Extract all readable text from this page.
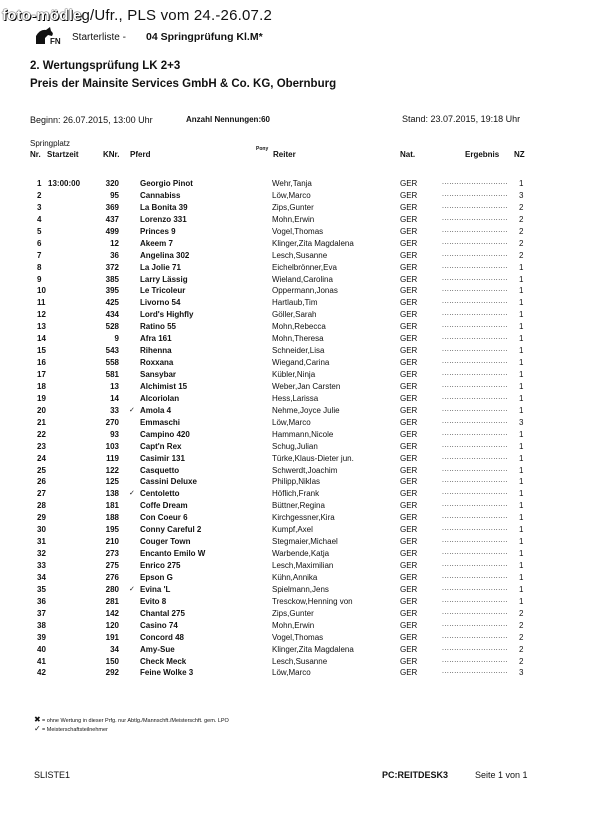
foto-mödleg/Ufr., PLS vom 24.-26.07.2
FN Starterliste - 04 Springprüfung Kl.M*
2. Wertungsprüfung LK 2+3
Preis der Mainsite Services GmbH & Co. KG, Obernburg
Beginn: 26.07.2015, 13:00 Uhr	Anzahl Nennungen:60	Stand: 23.07.2015, 19:18 Uhr
Springplatz
Nr. Startzeit	KNr. Pferd
Pony
Reiter	Nat.	Ergebnis NZ
1 13:00:00	320	Georgio Pinot	Wehr,Tanja	GER	........................... 1
2	95	Cannabiss	Löw,Marco	GER	........................... 3
3	369	La Bonita 39	Zips,Gunter	GER	........................... 2
4	437	Lorenzo 331	Mohn,Erwin	GER	........................... 2
5	499	Princes 9	Vogel,Thomas	GER	........................... 2
6	12	Akeem 7	Klinger,Zita Magdalena	GER	........................... 2
7	36	Angelina 302	Lesch,Susanne	GER	........................... 2
8	372	La Jolie 71	Eichelbrönner,Eva	GER	........................... 1
9	385	Larry Lässig	Wieland,Carolina	GER	........................... 1
10	395	Le Tricoleur	Oppermann,Jonas	GER	........................... 1
11	425	Livorno 54	Hartlaub,Tim	GER	........................... 1
12	434	Lord's Highfly	Göller,Sarah	GER	........................... 1
13	528	Ratino 55	Mohn,Rebecca	GER	........................... 1
14	9	Afra 161	Mohn,Theresa	GER	........................... 1
15	543	Rihenna	Schneider,Lisa	GER	........................... 1
16	558	Roxxana	Wiegand,Carina	GER	........................... 1
17	581	Sansybar	Kübler,Ninja	GER	........................... 1
18	13	Alchimist 15	Weber,Jan Carsten	GER	........................... 1
19	14	Alcoriolan	Hess,Larissa	GER	........................... 1
20	33 ✓ Amola 4	Nehme,Joyce Julie	GER	........................... 1
21	270	Emmaschi	Löw,Marco	GER	........................... 3
22	93	Campino 420	Hammann,Nicole	GER	........................... 1
23	103	Capt'n Rex	Schug,Julian	GER	........................... 1
24	119	Casimir 131	Türke,Klaus-Dieter jun.	GER	........................... 1
25	122	Casquetto	Schwerdt,Joachim	GER	........................... 1
26	125	Cassini Deluxe	Philipp,Niklas	GER	........................... 1
27	138 ✓ Centoletto	Höflich,Frank	GER	........................... 1
28	181	Coffe Dream	Büttner,Regina	GER	........................... 1
29	188	Con Coeur 6	Kirchgessner,Kira	GER	........................... 1
30	195	Conny Careful 2	Kumpf,Axel	GER	........................... 1
31	210	Couger Town	Stegmaier,Michael	GER	........................... 1
32	273	Encanto Emilo W	Warbende,Katja	GER	........................... 1
33	275	Enrico 275	Lesch,Maximilian	GER	........................... 1
34	276	Epson G	Kühn,Annika	GER	........................... 1
35	280 ✓ Evina 'L	Spielmann,Jens	GER	........................... 1
36	281	Evito 8	Tresckow,Henning von	GER	........................... 1
37	142	Chantal 275	Zips,Gunter	GER	........................... 2
38	120	Casino 74	Mohn,Erwin	GER	........................... 2
39	191	Concord 48	Vogel,Thomas	GER	........................... 2
40	34	Amy-Sue	Klinger,Zita Magdalena	GER	........................... 2
41	150	Check Meck	Lesch,Susanne	GER	........................... 2
42	292	Feine Wolke 3	Löw,Marco	GER	........................... 3
✖= ohne Wertung in dieser Prfg. nur Abtlg./Mannschft./Meisterschft. gem. LPO
✓= Meisterschaftsteilnehmer
SLISTE1	PC:REITDESK3	Seite 1 von 1
